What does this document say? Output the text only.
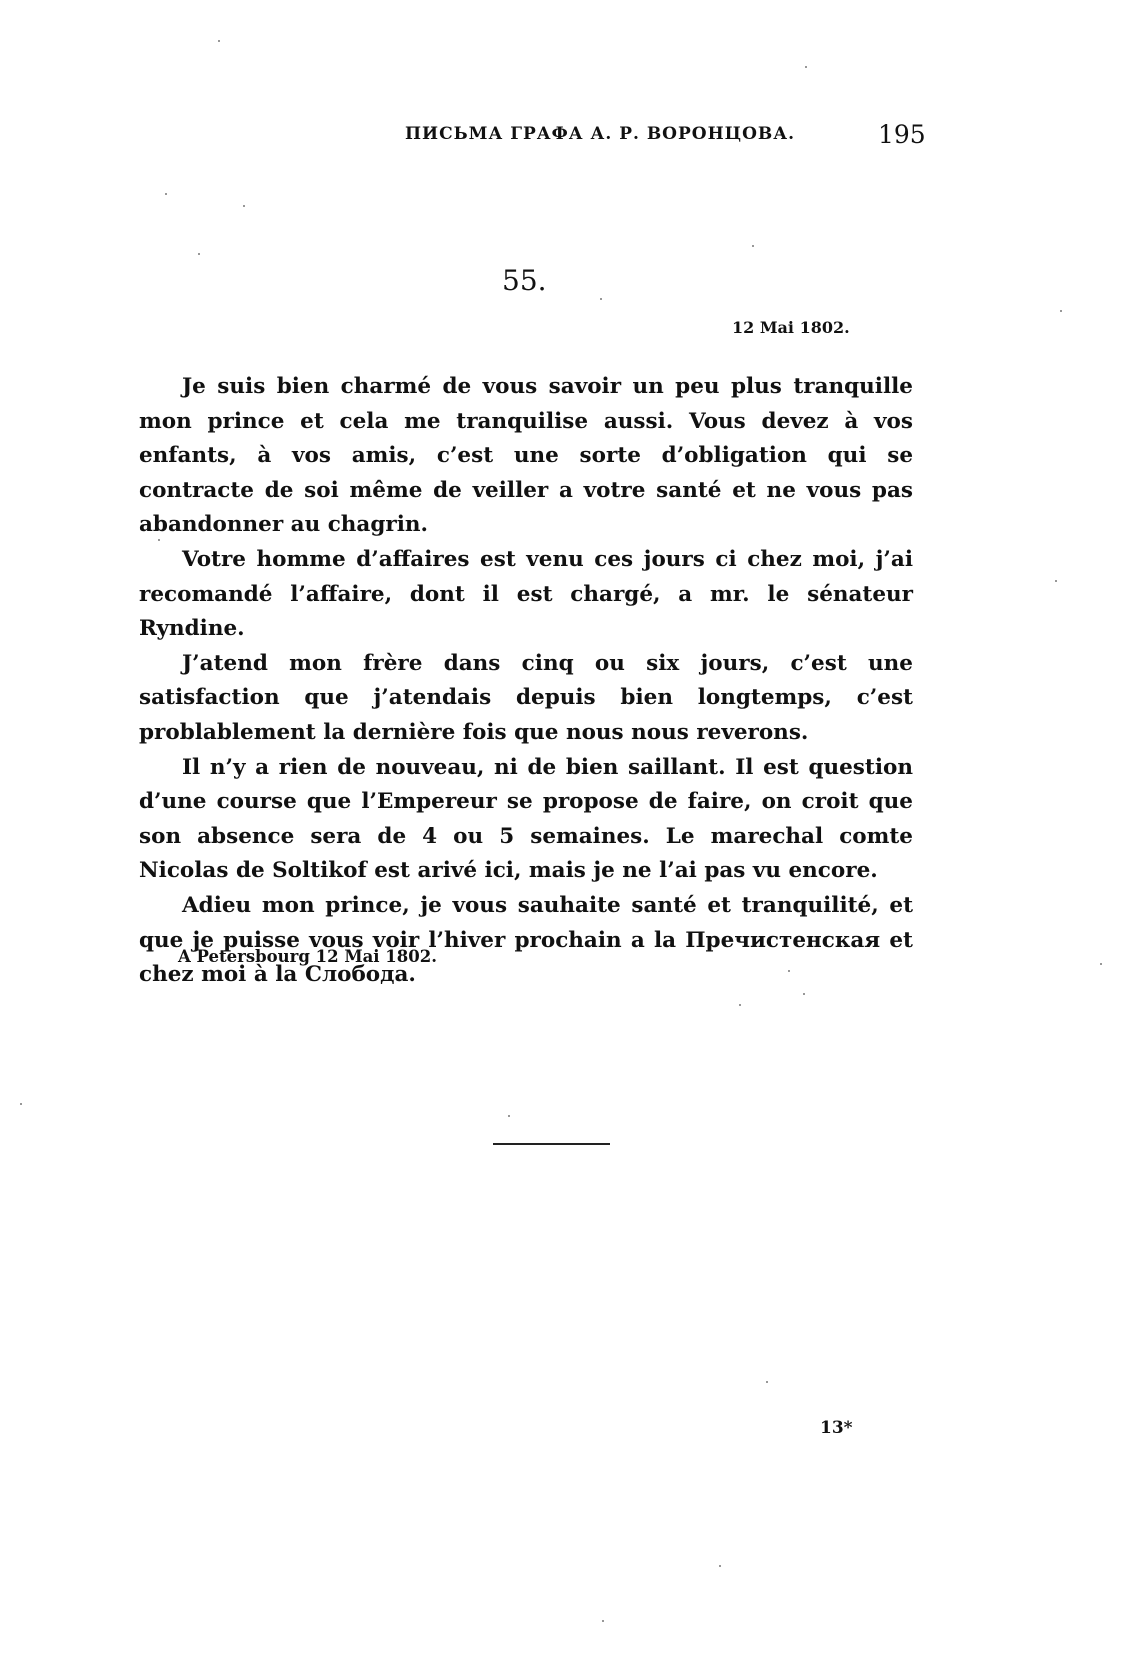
ПИСЬМА ГРАФА А. Р. ВОРОНЦОВА.	195
55.
12 Mai 1802.

Je suis bien charmé de vous savoir un peu plus tranquille mon prince et cela me tranquilise aussi. Vous devez à vos enfants, à vos amis, c’est une sorte d’obligation qui se contracte de soi même de veiller a votre santé et ne vous pas abandonner au chagrin.

Votre homme d’affaires est venu ces jours ci chez moi, j’ai recomandé l’affaire, dont il est chargé, a mr. le sénateur Ryndine.

J’atend mon frère dans cinq ou six jours, c’est une satisfaction que j’atendais depuis bien longtemps, c’est problablement la dernière fois que nous nous reverons.

Il n’y a rien de nouveau, ni de bien saillant. Il est question d’une course que l’Empereur se propose de faire, on croit que son absence sera de 4 ou 5 semaines. Le marechal comte Nicolas de Soltikof est arivé ici, mais je ne l’ai pas vu encore.

Adieu mon prince, je vous sauhaite santé et tranquilité, et que je puisse vous voir l’hiver prochain a la Пречистенская et chez moi à la Слобода.

A Petersbourg 12 Mai 1802.
13*
